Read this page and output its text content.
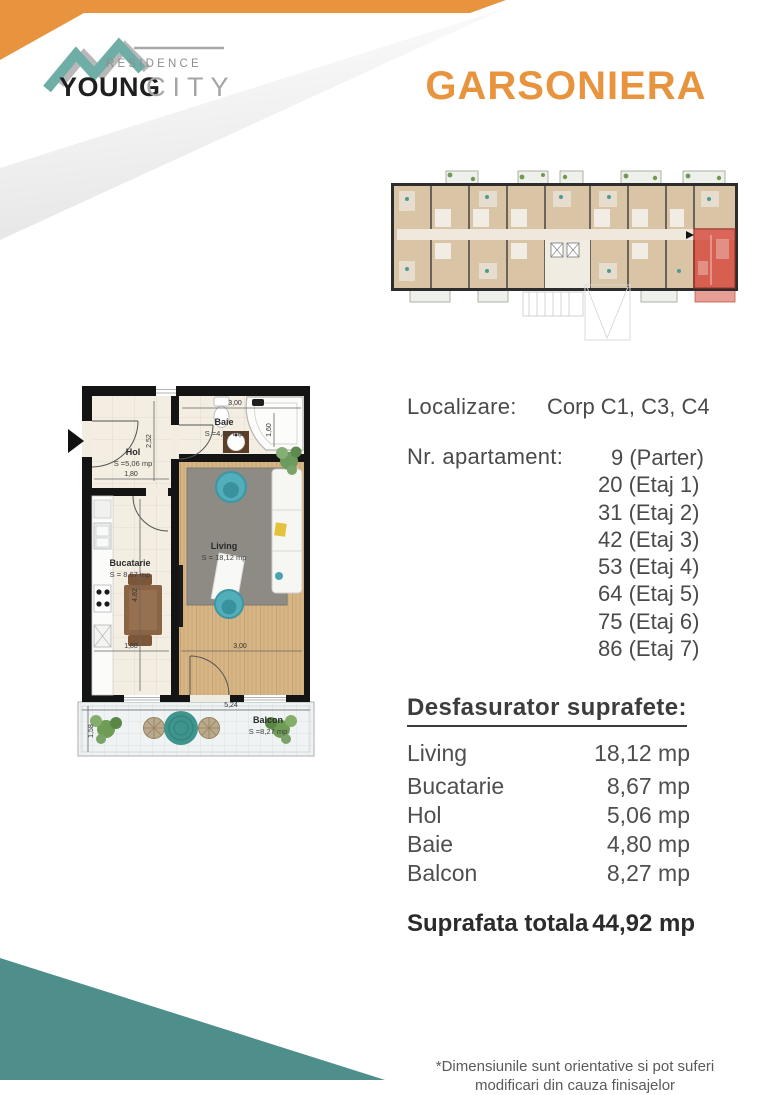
RESIDENCE
YOUNG
CITY	GARSONIERA
Hol
S =5,06 mp
Baie
S =4,80 mp
Living
S = 18,12 mp
Bucatarie
S = 8,67 mp
Balcon
S =8,27 mp
3,00
1,60
2,52
1,80
4,82
1,80	3,00
5,24
1,58
Localizare:	Corp C1, C3, C4
Nr. apartament:	9 (Parter)
20 (Etaj 1)
31 (Etaj 2)
42 (Etaj 3)
53 (Etaj 4)
64 (Etaj 5)
75 (Etaj 6)
86 (Etaj 7)
Desfasurator suprafete:
Living	18,12 mp
Bucatarie	8,67 mp
Hol	5,06 mp
Baie	4,80 mp
Balcon	8,27 mp
Suprafata totala 44,92 mp
*Dimensiunile sunt orientative si pot suferi
modificari din cauza finisajelor
